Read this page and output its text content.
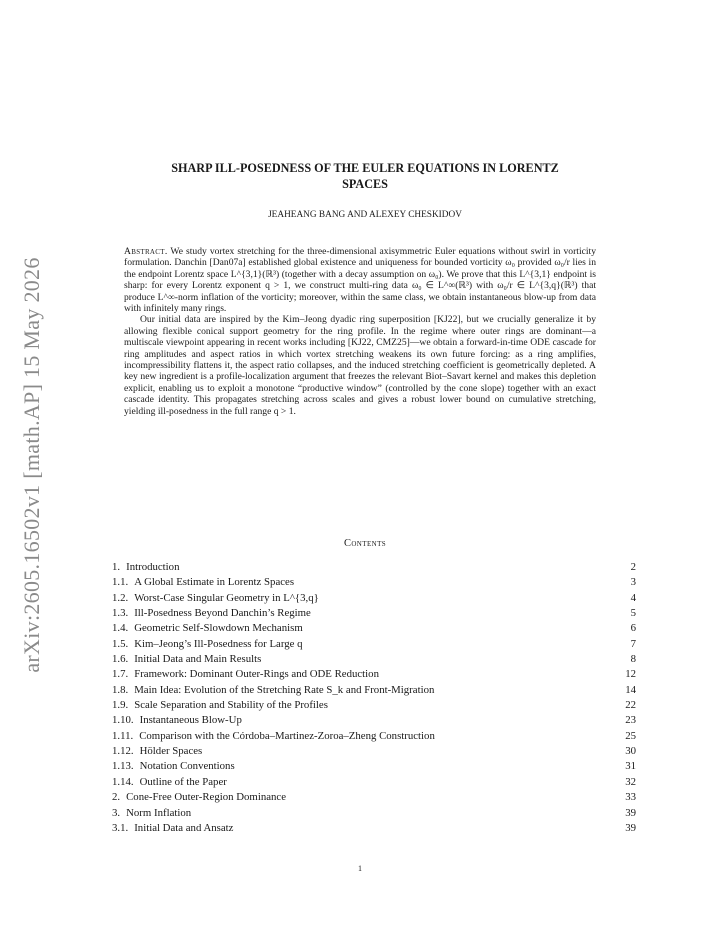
arXiv:2605.16502v1 [math.AP] 15 May 2026
SHARP ILL-POSEDNESS OF THE EULER EQUATIONS IN LORENTZ
SPACES
JEAHEANG BANG AND ALEXEY CHESKIDOV

Abstract. We study vortex stretching for the three-dimensional axisymmetric Euler equations without swirl in vorticity formulation. Danchin [Dan07a] established global existence and uniqueness for bounded vorticity ω₀ provided ω₀/r lies in the endpoint Lorentz space L^{3,1}(ℝ³) (together with a decay assumption on ω₀). We prove that this L^{3,1} endpoint is sharp: for every Lorentz exponent q > 1, we construct multi-ring data ω₀ ∈ L^∞(ℝ³) with ω₀/r ∈ L^{3,q}(ℝ³) that produce L^∞-norm inflation of the vorticity; moreover, within the same class, we obtain instantaneous blow-up from data with infinitely many rings.

Our initial data are inspired by the Kim–Jeong dyadic ring superposition [KJ22], but we crucially generalize it by allowing flexible conical support geometry for the ring profile. In the regime where outer rings are dominant—a multiscale viewpoint appearing in recent works including [KJ22, CMZ25]—we obtain a forward-in-time ODE cascade for ring amplitudes and aspect ratios in which vortex stretching weakens its own future forcing: as a ring amplifies, incompressibility flattens it, the aspect ratio collapses, and the induced stretching coefficient is geometrically depleted. A key new ingredient is a profile-localization argument that freezes the relevant Biot–Savart kernel and makes this depletion explicit, enabling us to exploit a monotone “productive window” (controlled by the cone slope) together with an exact cascade identity. This propagates stretching across scales and gives a robust lower bound on cumulative stretching, yielding ill-posedness in the full range q > 1.

Contents
1. Introduction	2
1.1. A Global Estimate in Lorentz Spaces	3
1.2. Worst-Case Singular Geometry in L^{3,q}	4
1.3. Ill-Posedness Beyond Danchin’s Regime	5
1.4. Geometric Self-Slowdown Mechanism	6
1.5. Kim–Jeong’s Ill-Posedness for Large q	7
1.6. Initial Data and Main Results	8
1.7. Framework: Dominant Outer-Rings and ODE Reduction	12
1.8. Main Idea: Evolution of the Stretching Rate S_k and Front-Migration	14
1.9. Scale Separation and Stability of the Profiles	22
1.10. Instantaneous Blow-Up	23
1.11. Comparison with the Córdoba–Martinez-Zoroa–Zheng Construction	25
1.12. Hölder Spaces	30
1.13. Notation Conventions	31
1.14. Outline of the Paper	32
2. Cone-Free Outer-Region Dominance	33
3. Norm Inflation	39
3.1. Initial Data and Ansatz	39
1
